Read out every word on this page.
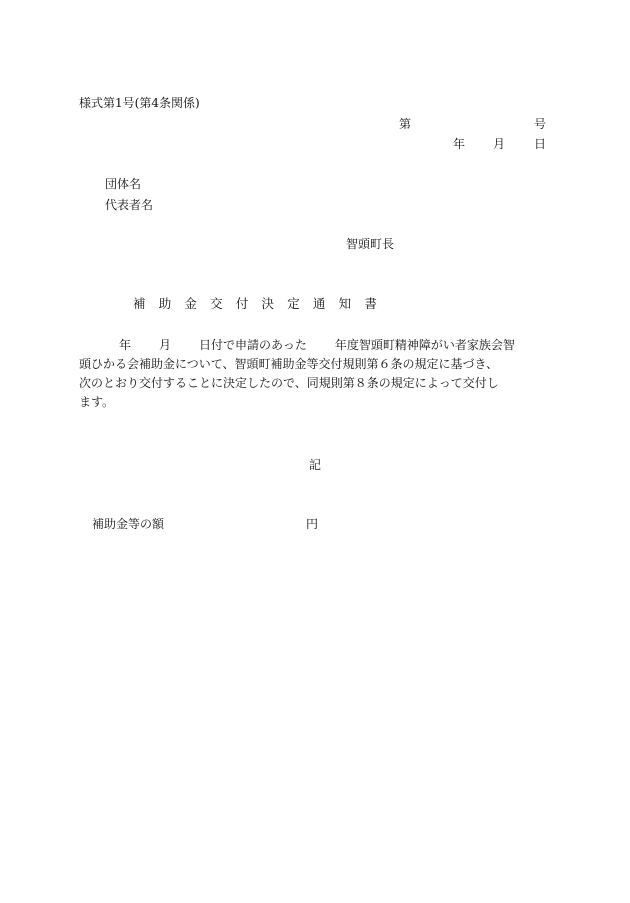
様式第1号(第4条関係)
第	号
年 月 日
団体名
代表者名
智頭町長
補 助 金 交 付 決 定 通 知 書
年 月 日付で申請のあった 年度智頭町精神障がい者家族会智
頭ひかる会補助金について、智頭町補助金等交付規則第６条の規定に基づき、
次のとおり交付することに決定したので、同規則第８条の規定によって交付し
ます。
記
補助金等の額	円
